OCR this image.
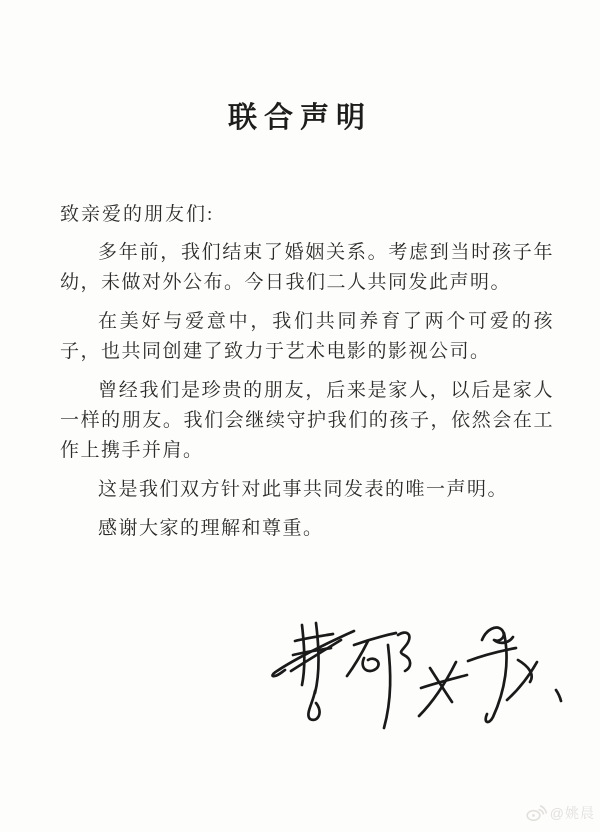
联合声明

致亲爱的朋友们:

多年前，我们结束了婚姻关系。考虑到当时孩子年幼，未做对外公布。今日我们二人共同发此声明。

在美好与爱意中，我们共同养育了两个可爱的孩子，也共同创建了致力于艺术电影的影视公司。

曾经我们是珍贵的朋友，后来是家人，以后是家人一样的朋友。我们会继续守护我们的孩子，依然会在工作上携手并肩。

这是我们双方针对此事共同发表的唯一声明。

感谢大家的理解和尊重。

@姚晨
